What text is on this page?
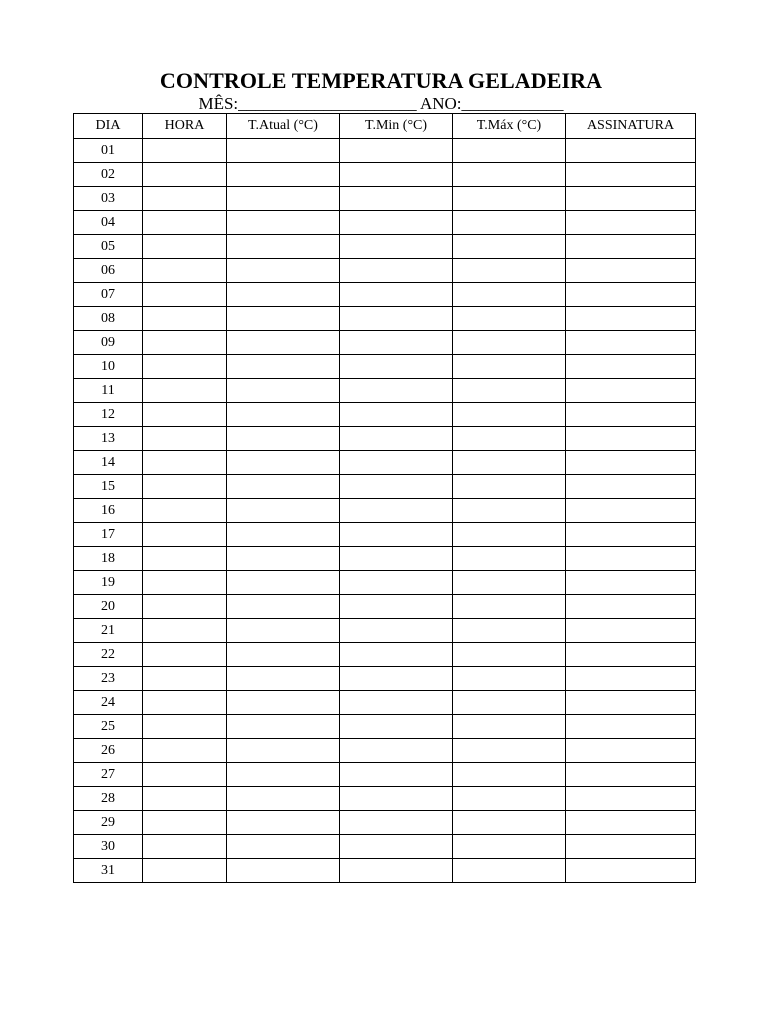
CONTROLE TEMPERATURA GELADEIRA
MÊS:_____________________ ANO:____________
DIA	HORA	T.Atual (°C)	T.Min (°C)	T.Máx (°C)	ASSINATURA
01					
02					
03					
04					
05					
06					
07					
08					
09					
10					
11					
12					
13					
14					
15					
16					
17					
18					
19					
20					
21					
22					
23					
24					
25					
26					
27					
28					
29					
30					
31					
